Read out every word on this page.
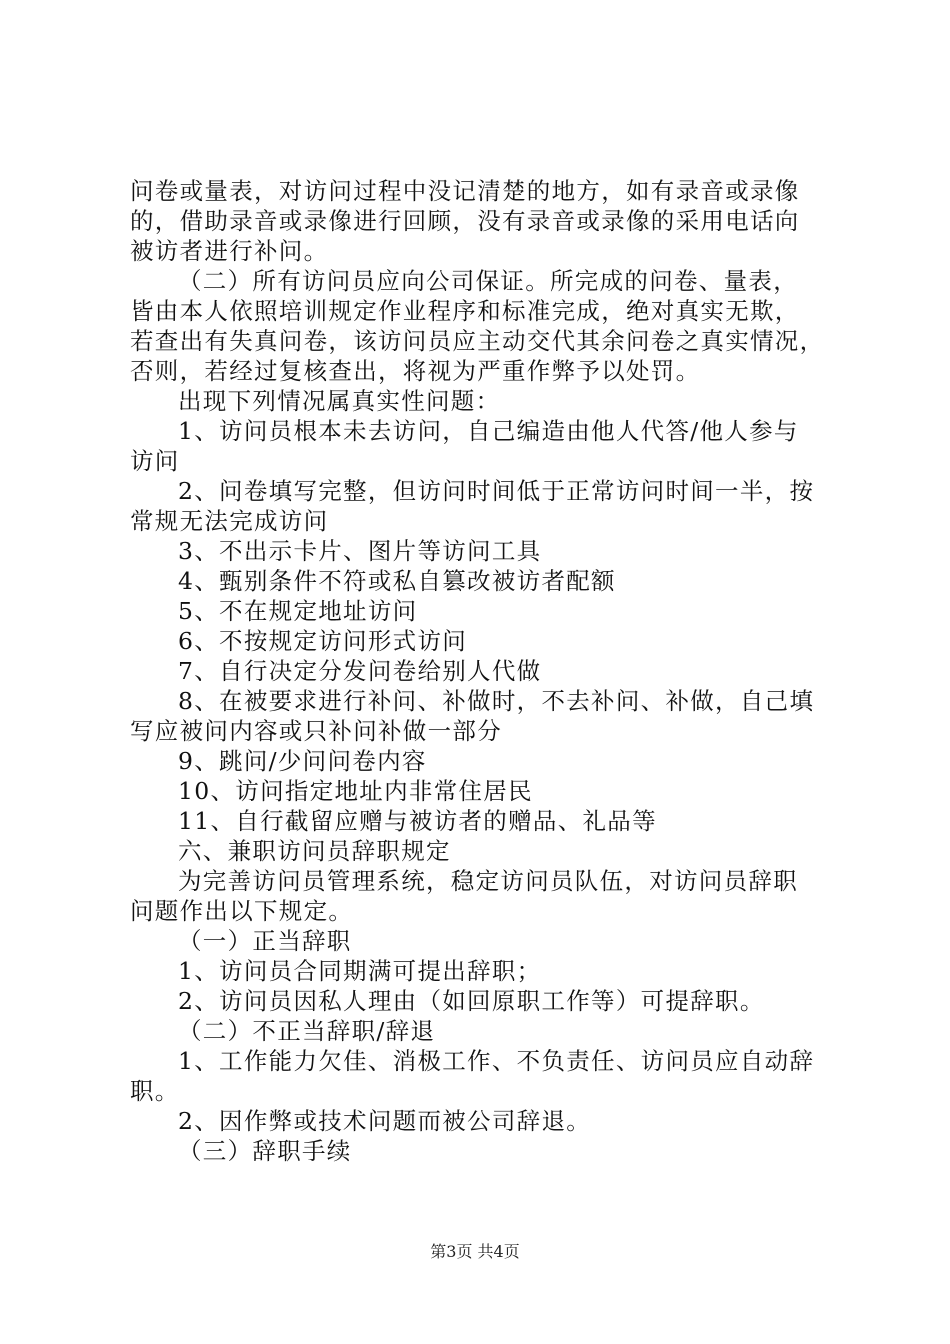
问卷或量表，对访问过程中没记清楚的地方，如有录音或录像
的，借助录音或录像进行回顾，没有录音或录像的采用电话向
被访者进行补问。
（二）所有访问员应向公司保证。所完成的问卷、量表，
皆由本人依照培训规定作业程序和标准完成，绝对真实无欺，
若查出有失真问卷，该访问员应主动交代其余问卷之真实情况，
否则，若经过复核查出，将视为严重作弊予以处罚。
出现下列情况属真实性问题：
1、访问员根本未去访问，自己编造由他人代答/他人参与
访问
2、问卷填写完整，但访问时间低于正常访问时间一半，按
常规无法完成访问
3、不出示卡片、图片等访问工具
4、甄别条件不符或私自篡改被访者配额
5、不在规定地址访问
6、不按规定访问形式访问
7、自行决定分发问卷给别人代做
8、在被要求进行补问、补做时，不去补问、补做，自己填
写应被问内容或只补问补做一部分
9、跳问/少问问卷内容
10、访问指定地址内非常住居民
11、自行截留应赠与被访者的赠品、礼品等
六、兼职访问员辞职规定
为完善访问员管理系统，稳定访问员队伍，对访问员辞职
问题作出以下规定。
（一）正当辞职
1、访问员合同期满可提出辞职；
2、访问员因私人理由（如回原职工作等）可提辞职。
（二）不正当辞职/辞退
1、工作能力欠佳、消极工作、不负责任、访问员应自动辞
职。
2、因作弊或技术问题而被公司辞退。
（三）辞职手续
第3页 共4页
